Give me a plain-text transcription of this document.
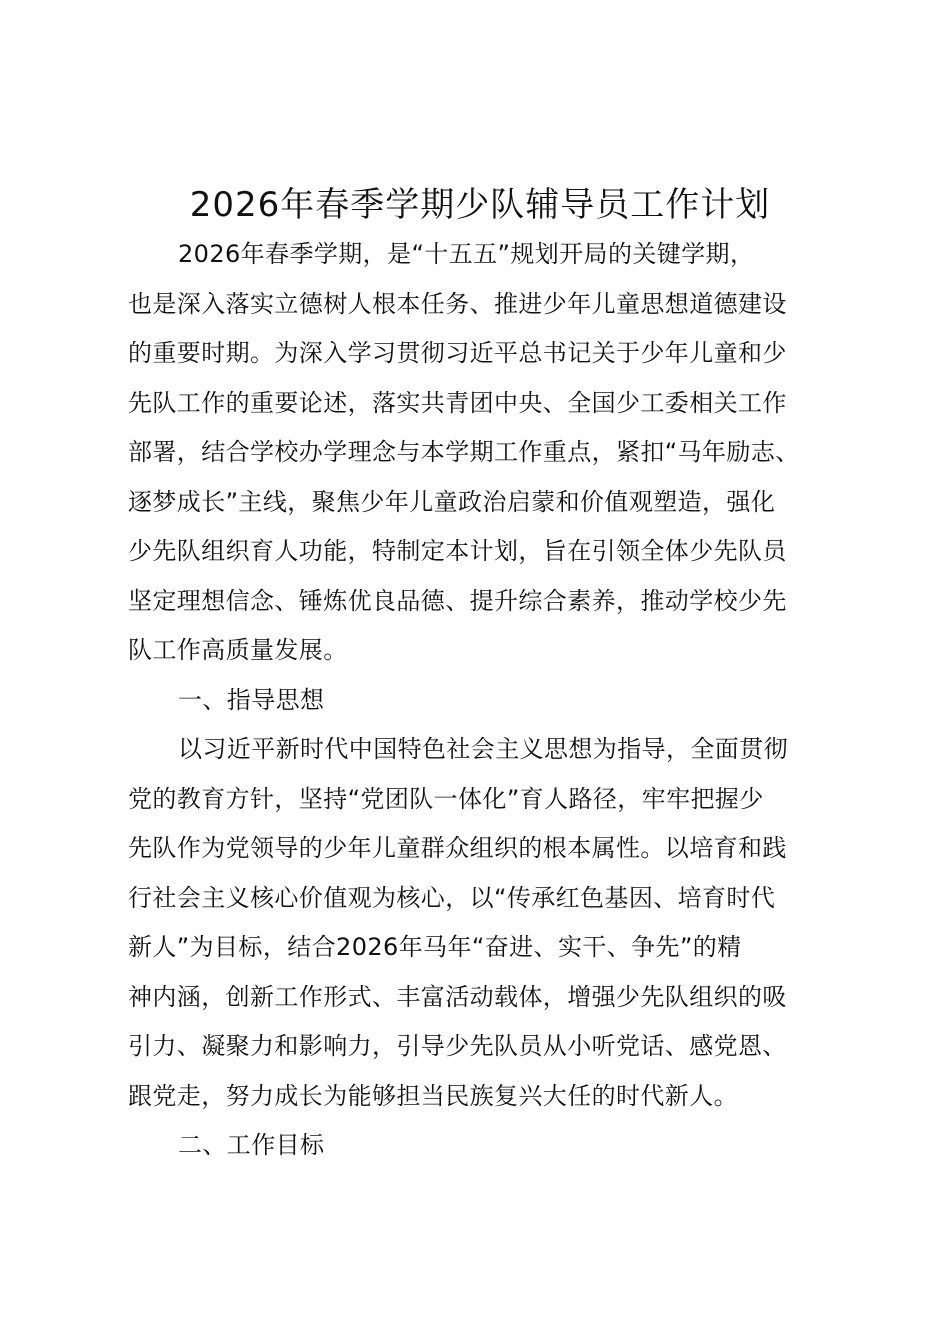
2026年春季学期少队辅导员工作计划
2026年春季学期，是“十五五”规划开局的关键学期，
也是深入落实立德树人根本任务、推进少年儿童思想道德建设
的重要时期。为深入学习贯彻习近平总书记关于少年儿童和少
先队工作的重要论述，落实共青团中央、全国少工委相关工作
部署，结合学校办学理念与本学期工作重点，紧扣“马年励志、
逐梦成长”主线，聚焦少年儿童政治启蒙和价值观塑造，强化
少先队组织育人功能，特制定本计划，旨在引领全体少先队员
坚定理想信念、锤炼优良品德、提升综合素养，推动学校少先
队工作高质量发展。
一、指导思想
以习近平新时代中国特色社会主义思想为指导，全面贯彻
党的教育方针，坚持“党团队一体化”育人路径，牢牢把握少
先队作为党领导的少年儿童群众组织的根本属性。以培育和践
行社会主义核心价值观为核心，以“传承红色基因、培育时代
新人”为目标，结合2026年马年“奋进、实干、争先”的精
神内涵，创新工作形式、丰富活动载体，增强少先队组织的吸
引力、凝聚力和影响力，引导少先队员从小听党话、感党恩、
跟党走，努力成长为能够担当民族复兴大任的时代新人。
二、工作目标
